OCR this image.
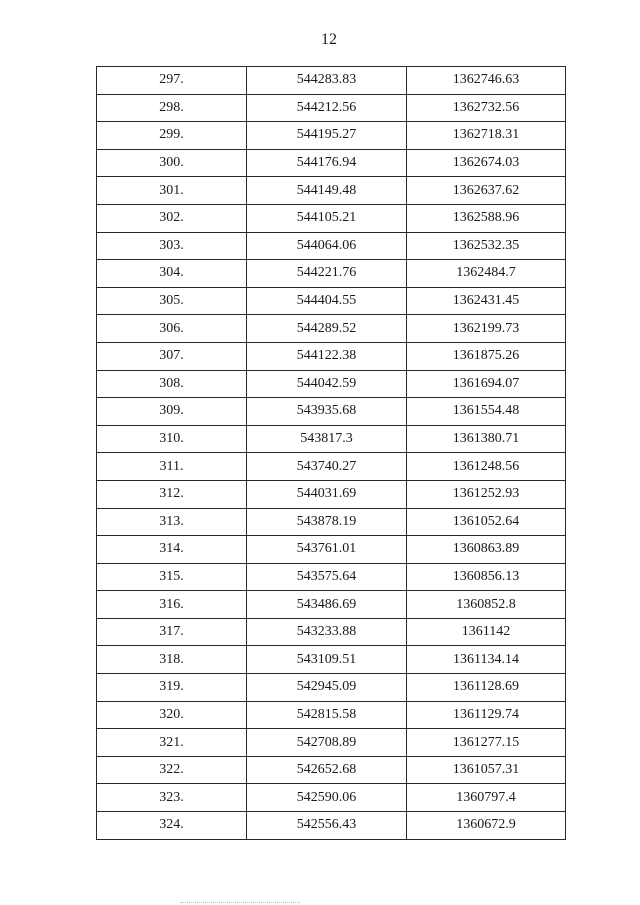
12
297.	544283.83	1362746.63
298.	544212.56	1362732.56
299.	544195.27	1362718.31
300.	544176.94	1362674.03
301.	544149.48	1362637.62
302.	544105.21	1362588.96
303.	544064.06	1362532.35
304.	544221.76	1362484.7
305.	544404.55	1362431.45
306.	544289.52	1362199.73
307.	544122.38	1361875.26
308.	544042.59	1361694.07
309.	543935.68	1361554.48
310.	543817.3	1361380.71
311.	543740.27	1361248.56
312.	544031.69	1361252.93
313.	543878.19	1361052.64
314.	543761.01	1360863.89
315.	543575.64	1360856.13
316.	543486.69	1360852.8
317.	543233.88	1361142
318.	543109.51	1361134.14
319.	542945.09	1361128.69
320.	542815.58	1361129.74
321.	542708.89	1361277.15
322.	542652.68	1361057.31
323.	542590.06	1360797.4
324.	542556.43	1360672.9
